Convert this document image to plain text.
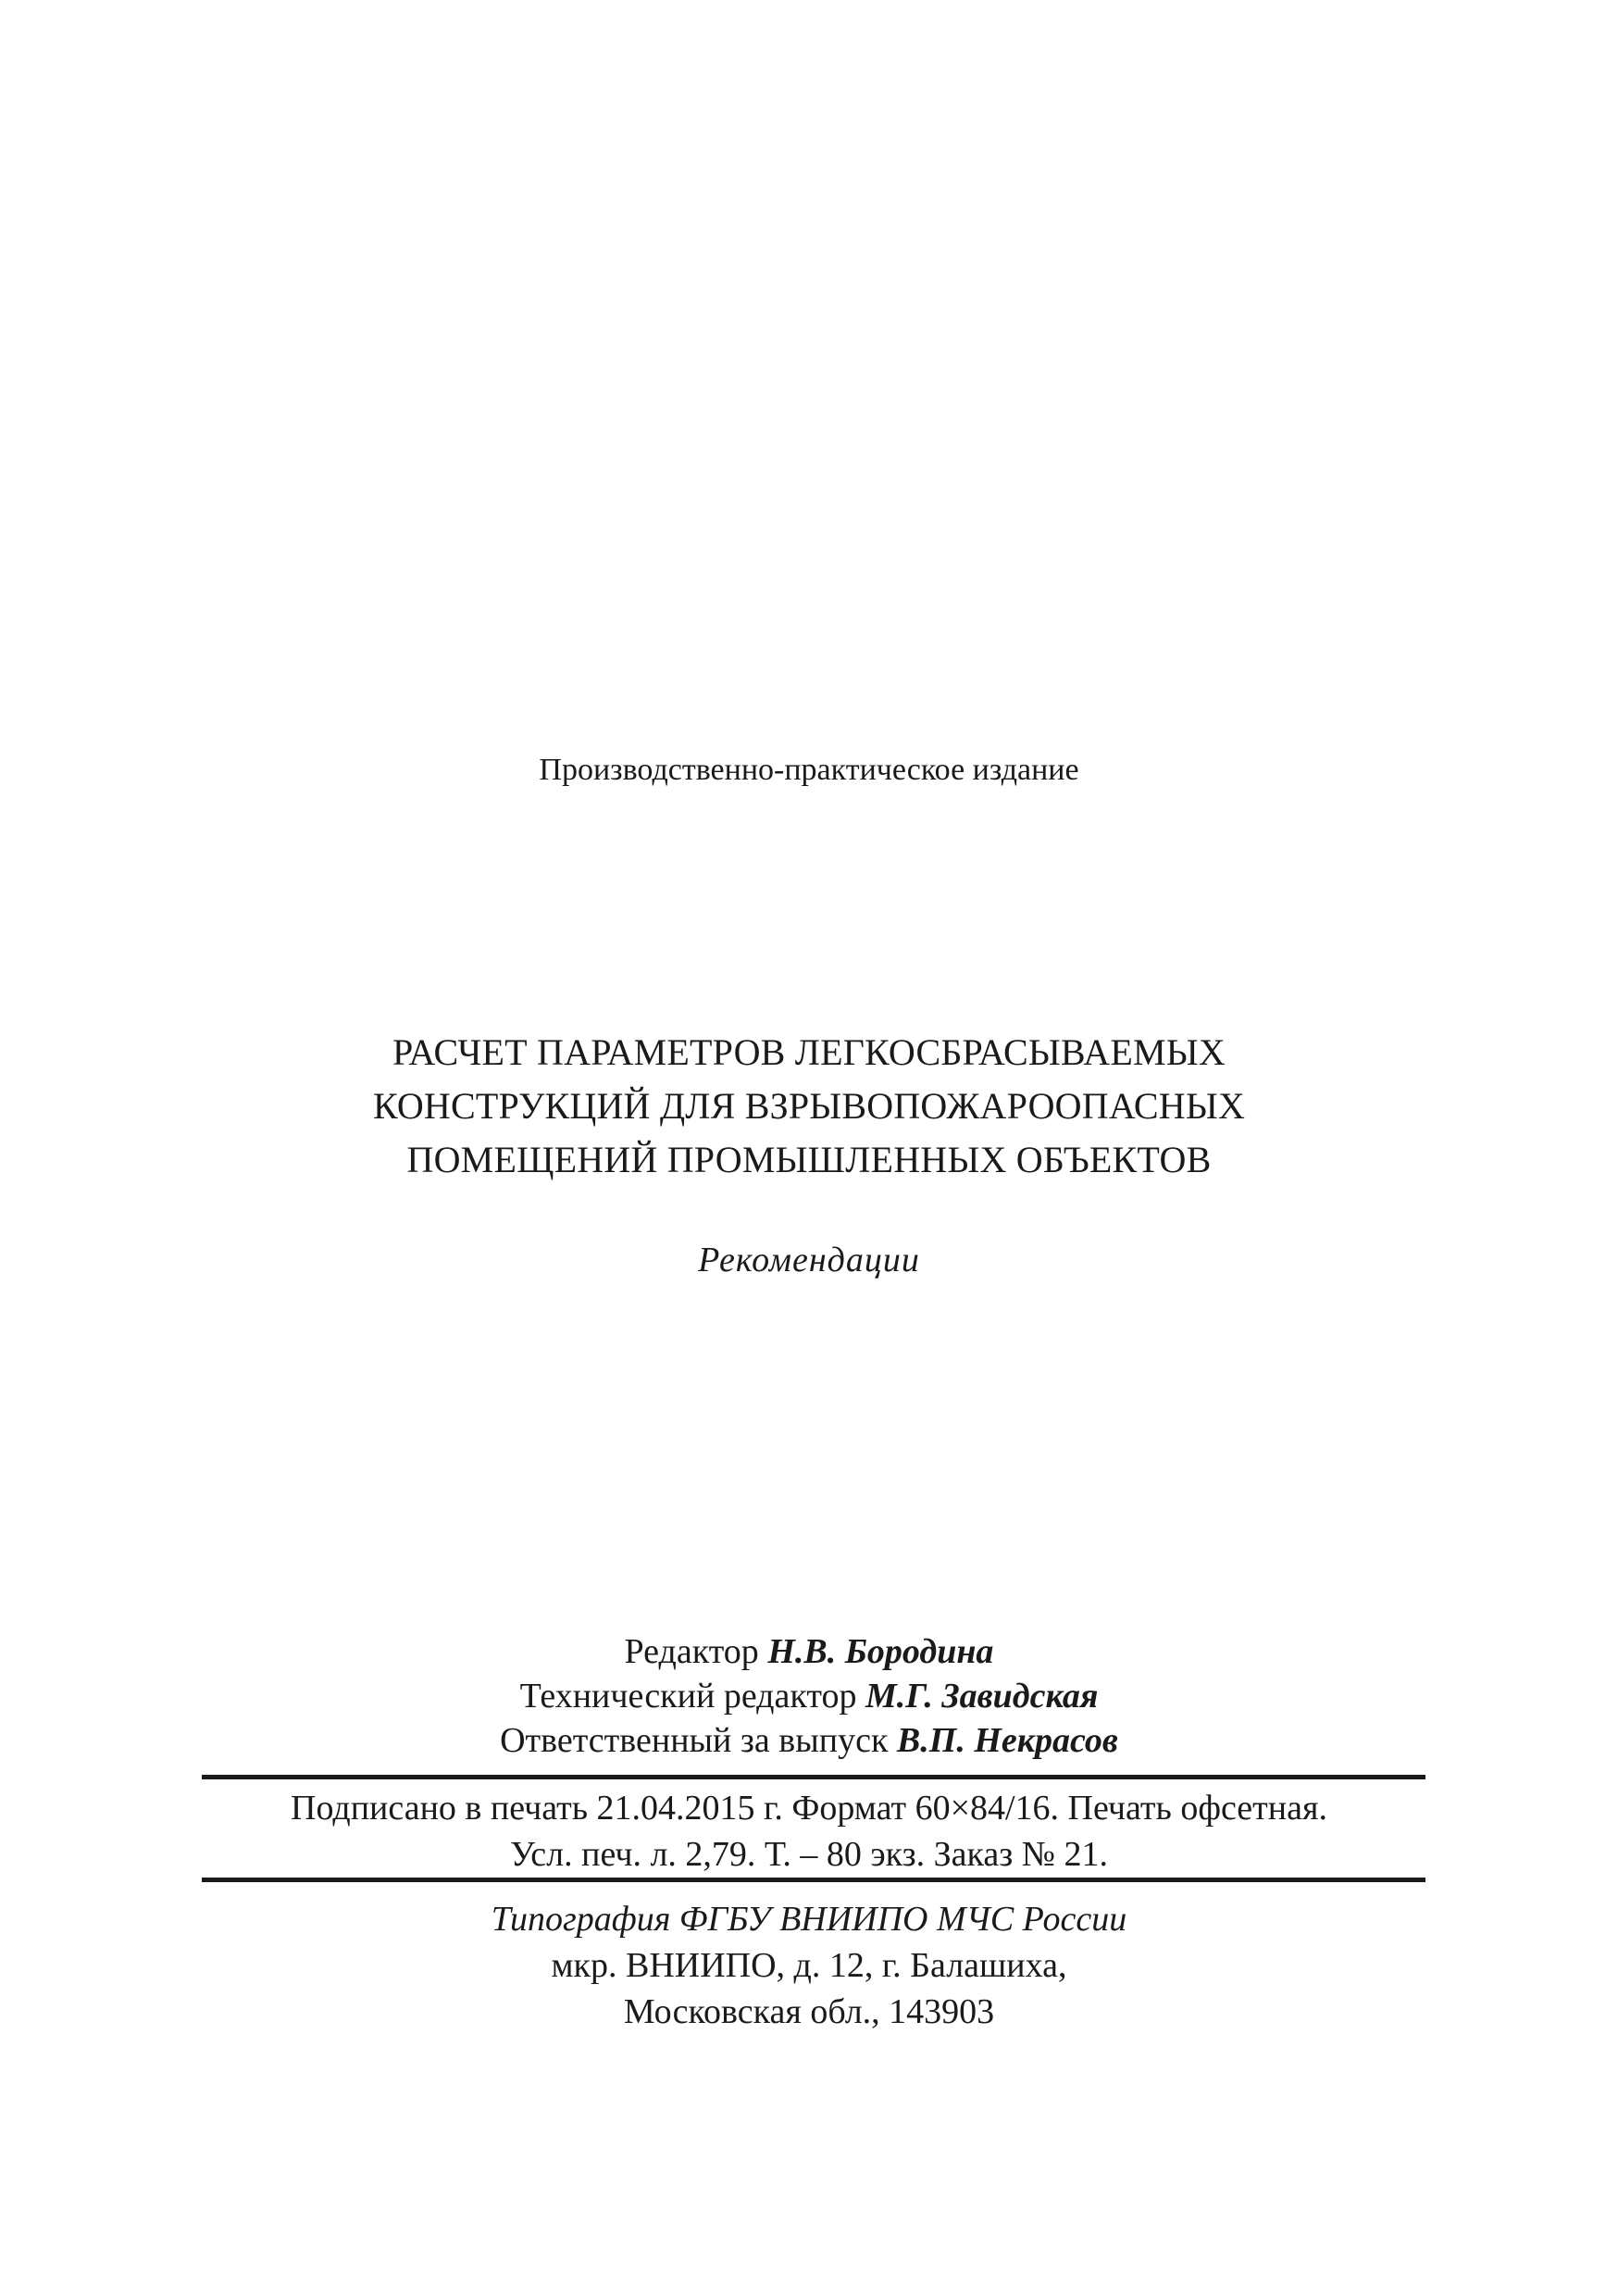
Производственно-практическое издание
РАСЧЕТ ПАРАМЕТРОВ ЛЕГКОСБРАСЫВАЕМЫХ
КОНСТРУКЦИЙ ДЛЯ ВЗРЫВОПОЖАРООПАСНЫХ
ПОМЕЩЕНИЙ ПРОМЫШЛЕННЫХ ОБЪЕКТОВ
Рекомендации
Редактор Н.В. Бородина
Технический редактор М.Г. Завидская
Ответственный за выпуск В.П. Некрасов
Подписано в печать 21.04.2015 г. Формат 60×84/16. Печать офсетная.
Усл. печ. л. 2,79. Т. – 80 экз. Заказ № 21.
Типография ФГБУ ВНИИПО МЧС России
мкр. ВНИИПО, д. 12, г. Балашиха,
Московская обл., 143903
